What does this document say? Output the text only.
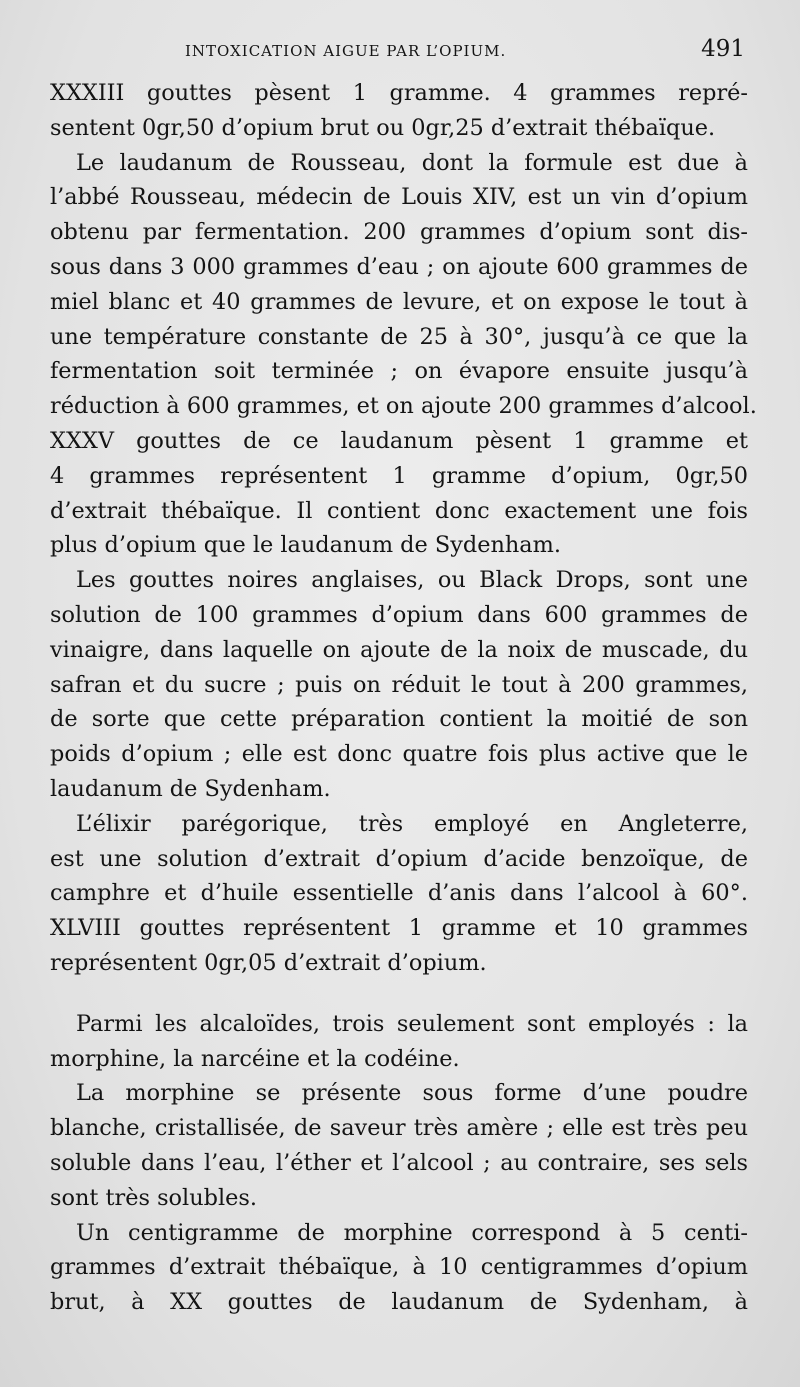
INTOXICATION AIGUE PAR L’OPIUM.	491
XXXIII gouttes pèsent 1 gramme. 4 grammes repré-
sentent 0gr,50 d’opium brut ou 0gr,25 d’extrait thébaïque.
Le laudanum de Rousseau, dont la formule est due à
l’abbé Rousseau, médecin de Louis XIV, est un vin d’opium
obtenu par fermentation. 200 grammes d’opium sont dis-
sous dans 3 000 grammes d’eau ; on ajoute 600 grammes de
miel blanc et 40 grammes de levure, et on expose le tout à
une température constante de 25 à 30°, jusqu’à ce que la
fermentation soit terminée ; on évapore ensuite jusqu’à
réduction à 600 grammes, et on ajoute 200 grammes d’alcool.
XXXV gouttes de ce laudanum pèsent 1 gramme et
4 grammes représentent 1 gramme d’opium, 0gr,50
d’extrait thébaïque. Il contient donc exactement une fois
plus d’opium que le laudanum de Sydenham.
Les gouttes noires anglaises, ou Black Drops, sont une
solution de 100 grammes d’opium dans 600 grammes de
vinaigre, dans laquelle on ajoute de la noix de muscade, du
safran et du sucre ; puis on réduit le tout à 200 grammes,
de sorte que cette préparation contient la moitié de son
poids d’opium ; elle est donc quatre fois plus active que le
laudanum de Sydenham.
L’élixir parégorique, très employé en Angleterre,
est une solution d’extrait d’opium d’acide benzoïque, de
camphre et d’huile essentielle d’anis dans l’alcool à 60°.
XLVIII gouttes représentent 1 gramme et 10 grammes
représentent 0gr,05 d’extrait d’opium.
Parmi les alcaloïdes, trois seulement sont employés : la
morphine, la narcéine et la codéine.
La morphine se présente sous forme d’une poudre
blanche, cristallisée, de saveur très amère ; elle est très peu
soluble dans l’eau, l’éther et l’alcool ; au contraire, ses sels
sont très solubles.
Un centigramme de morphine correspond à 5 centi-
grammes d’extrait thébaïque, à 10 centigrammes d’opium
brut, à XX gouttes de laudanum de Sydenham, à
